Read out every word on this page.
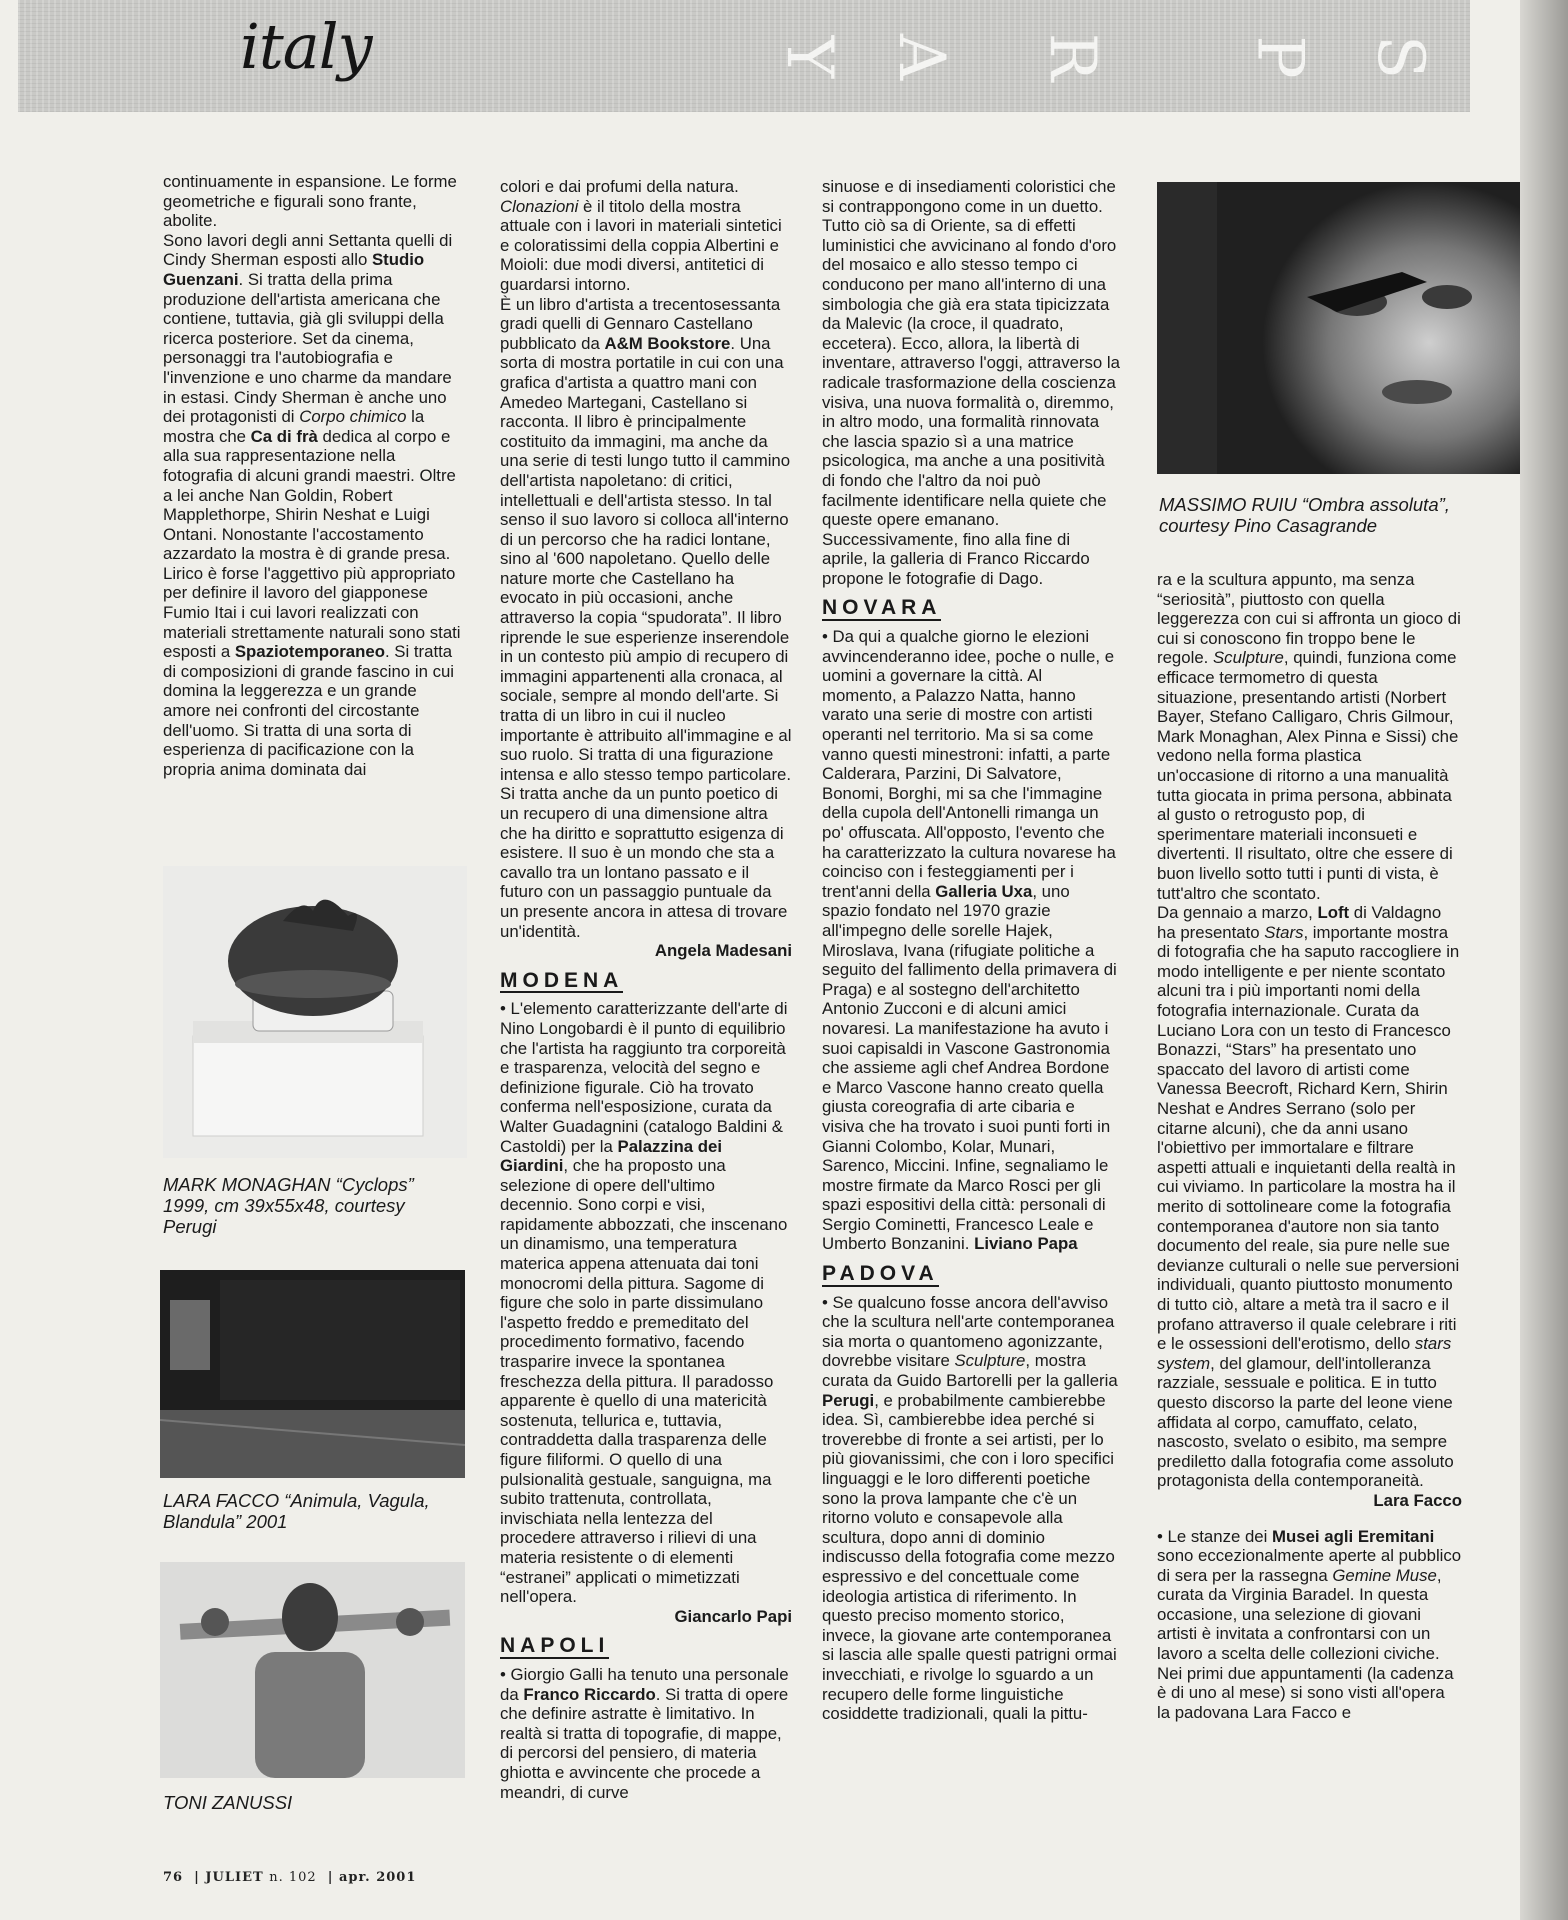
italy	S
P
R
A
Y

continuamente in espansione. Le forme geometriche e figurali sono frante, abolite.

Sono lavori degli anni Settanta quelli di Cindy Sherman esposti allo Studio Guenzani. Si tratta della prima produzione dell'artista americana che contiene, tuttavia, già gli sviluppi della ricerca posteriore. Set da cinema, personaggi tra l'autobiografia e l'invenzione e uno charme da mandare in estasi. Cindy Sherman è anche uno dei protagonisti di Corpo chimico la mostra che Ca di frà dedica al corpo e alla sua rappresentazione nella fotografia di alcuni grandi maestri. Oltre a lei anche Nan Goldin, Robert Mapplethorpe, Shirin Neshat e Luigi Ontani. Nonostante l'accostamento azzardato la mostra è di grande presa.

Lirico è forse l'aggettivo più appropriato per definire il lavoro del giapponese Fumio Itai i cui lavori realizzati con materiali strettamente naturali sono stati esposti a Spaziotemporaneo. Si tratta di composizioni di grande fascino in cui domina la leggerezza e un grande amore nei confronti del circostante dell'uomo. Si tratta di una sorta di esperienza di pacificazione con la propria anima dominata dai

MARK MONAGHAN “Cyclops” 1999, cm 39x55x48, courtesy Perugi
LARA FACCO “Animula, Vagula, Blandula” 2001
TONI ZANUSSI

colori e dai profumi della natura. Clonazioni è il titolo della mostra attuale con i lavori in materiali sintetici e coloratissimi della coppia Albertini e Moioli: due modi diversi, antitetici di guardarsi intorno.

È un libro d'artista a trecentosessanta gradi quelli di Gennaro Castellano pubblicato da A&M Bookstore. Una sorta di mostra portatile in cui con una grafica d'artista a quattro mani con Amedeo Martegani, Castellano si racconta. Il libro è principalmente costituito da immagini, ma anche da una serie di testi lungo tutto il cammino dell'artista napoletano: di critici, intellettuali e dell'artista stesso. In tal senso il suo lavoro si colloca all'interno di un percorso che ha radici lontane, sino al '600 napoletano. Quello delle nature morte che Castellano ha evocato in più occasioni, anche attraverso la copia “spudorata”. Il libro riprende le sue esperienze inserendole in un contesto più ampio di recupero di immagini appartenenti alla cronaca, al sociale, sempre al mondo dell'arte. Si tratta di un libro in cui il nucleo importante è attribuito all'immagine e al suo ruolo. Si tratta di una figurazione intensa e allo stesso tempo particolare. Si tratta anche da un punto poetico di un recupero di una dimensione altra che ha diritto e soprattutto esigenza di esistere. Il suo è un mondo che sta a cavallo tra un lontano passato e il futuro con un passaggio puntuale da un presente ancora in attesa di trovare un'identità.

Angela Madesani

MODENA

• L'elemento caratterizzante dell'arte di Nino Longobardi è il punto di equilibrio che l'artista ha raggiunto tra corporeità e trasparenza, velocità del segno e definizione figurale. Ciò ha trovato conferma nell'esposizione, curata da Walter Guadagnini (catalogo Baldini & Castoldi) per la Palazzina dei Giardini, che ha proposto una selezione di opere dell'ultimo decennio. Sono corpi e visi, rapidamente abbozzati, che inscenano un dinamismo, una temperatura materica appena attenuata dai toni monocromi della pittura. Sagome di figure che solo in parte dissimulano l'aspetto freddo e premeditato del procedimento formativo, facendo trasparire invece la spontanea freschezza della pittura. Il paradosso apparente è quello di una matericità sostenuta, tellurica e, tuttavia, contraddetta dalla trasparenza delle figure filiformi. O quello di una pulsionalità gestuale, sanguigna, ma subito trattenuta, controllata, invischiata nella lentezza del procedere attraverso i rilievi di una materia resistente o di elementi “estranei” applicati o mimetizzati nell'opera.

Giancarlo Papi

NAPOLI

• Giorgio Galli ha tenuto una personale da Franco Riccardo. Si tratta di opere che definire astratte è limitativo. In realtà si tratta di topografie, di mappe, di percorsi del pensiero, di materia ghiotta e avvincente che procede a meandri, di curve

sinuose e di insediamenti coloristici che si contrappongono come in un duetto. Tutto ciò sa di Oriente, sa di effetti luministici che avvicinano al fondo d'oro del mosaico e allo stesso tempo ci conducono per mano all'interno di una simbologia che già era stata tipicizzata da Malevic (la croce, il quadrato, eccetera). Ecco, allora, la libertà di inventare, attraverso l'oggi, attraverso la radicale trasformazione della coscienza visiva, una nuova formalità o, diremmo, in altro modo, una formalità rinnovata che lascia spazio sì a una matrice psicologica, ma anche a una positività di fondo che l'altro da noi può facilmente identificare nella quiete che queste opere emanano.

Successivamente, fino alla fine di aprile, la galleria di Franco Riccardo propone le fotografie di Dago.

NOVARA

• Da qui a qualche giorno le elezioni avvincenderanno idee, poche o nulle, e uomini a governare la città. Al momento, a Palazzo Natta, hanno varato una serie di mostre con artisti operanti nel territorio. Ma si sa come vanno questi minestroni: infatti, a parte Calderara, Parzini, Di Salvatore, Bonomi, Borghi, mi sa che l'immagine della cupola dell'Antonelli rimanga un po' offuscata. All'opposto, l'evento che ha caratterizzato la cultura novarese ha coinciso con i festeggiamenti per i trent'anni della Galleria Uxa, uno spazio fondato nel 1970 grazie all'impegno delle sorelle Hajek, Miroslava, Ivana (rifugiate politiche a seguito del fallimento della primavera di Praga) e al sostegno dell'architetto Antonio Zucconi e di alcuni amici novaresi. La manifestazione ha avuto i suoi capisaldi in Vascone Gastronomia che assieme agli chef Andrea Bordone e Marco Vascone hanno creato quella giusta coreografia di arte cibaria e visiva che ha trovato i suoi punti forti in Gianni Colombo, Kolar, Munari, Sarenco, Miccini. Infine, segnaliamo le mostre firmate da Marco Rosci per gli spazi espositivi della città: personali di Sergio Cominetti, Francesco Leale e Umberto Bonzanini. Liviano Papa

PADOVA

• Se qualcuno fosse ancora dell'avviso che la scultura nell'arte contemporanea sia morta o quantomeno agonizzante, dovrebbe visitare Sculpture, mostra curata da Guido Bartorelli per la galleria Perugi, e probabilmente cambierebbe idea. Sì, cambierebbe idea perché si troverebbe di fronte a sei artisti, per lo più giovanissimi, che con i loro specifici linguaggi e le loro differenti poetiche sono la prova lampante che c'è un ritorno voluto e consapevole alla scultura, dopo anni di dominio indiscusso della fotografia come mezzo espressivo e del concettuale come ideologia artistica di riferimento. In questo preciso momento storico, invece, la giovane arte contemporanea si lascia alle spalle questi patrigni ormai invecchiati, e rivolge lo sguardo a un recupero delle forme linguistiche cosiddette tradizionali, quali la pittu-

MASSIMO RUIU “Ombra assoluta”, courtesy Pino Casagrande

ra e la scultura appunto, ma senza “seriosità”, piuttosto con quella leggerezza con cui si affronta un gioco di cui si conoscono fin troppo bene le regole. Sculpture, quindi, funziona come efficace termometro di questa situazione, presentando artisti (Norbert Bayer, Stefano Calligaro, Chris Gilmour, Mark Monaghan, Alex Pinna e Sissi) che vedono nella forma plastica un'occasione di ritorno a una manualità tutta giocata in prima persona, abbinata al gusto o retrogusto pop, di sperimentare materiali inconsueti e divertenti. Il risultato, oltre che essere di buon livello sotto tutti i punti di vista, è tutt'altro che scontato.

Da gennaio a marzo, Loft di Valdagno ha presentato Stars, importante mostra di fotografia che ha saputo raccogliere in modo intelligente e per niente scontato alcuni tra i più importanti nomi della fotografia internazionale. Curata da Luciano Lora con un testo di Francesco Bonazzi, “Stars” ha presentato uno spaccato del lavoro di artisti come Vanessa Beecroft, Richard Kern, Shirin Neshat e Andres Serrano (solo per citarne alcuni), che da anni usano l'obiettivo per immortalare e filtrare aspetti attuali e inquietanti della realtà in cui viviamo. In particolare la mostra ha il merito di sottolineare come la fotografia contemporanea d'autore non sia tanto documento del reale, sia pure nelle sue devianze culturali o nelle sue perversioni individuali, quanto piuttosto monumento di tutto ciò, altare a metà tra il sacro e il profano attraverso il quale celebrare i riti e le ossessioni dell'erotismo, dello stars system, del glamour, dell'intolleranza razziale, sessuale e politica. E in tutto questo discorso la parte del leone viene affidata al corpo, camuffato, celato, nascosto, svelato o esibito, ma sempre prediletto dalla fotografia come assoluto protagonista della contemporaneità.

Lara Facco

• Le stanze dei Musei agli Eremitani sono eccezionalmente aperte al pubblico di sera per la rassegna Gemine Muse, curata da Virginia Baradel. In questa occasione, una selezione di giovani artisti è invitata a confrontarsi con un lavoro a scelta delle collezioni civiche. Nei primi due appuntamenti (la cadenza è di uno al mese) si sono visti all'opera la padovana Lara Facco e

76  | JULIET n. 102  | apr. 2001
